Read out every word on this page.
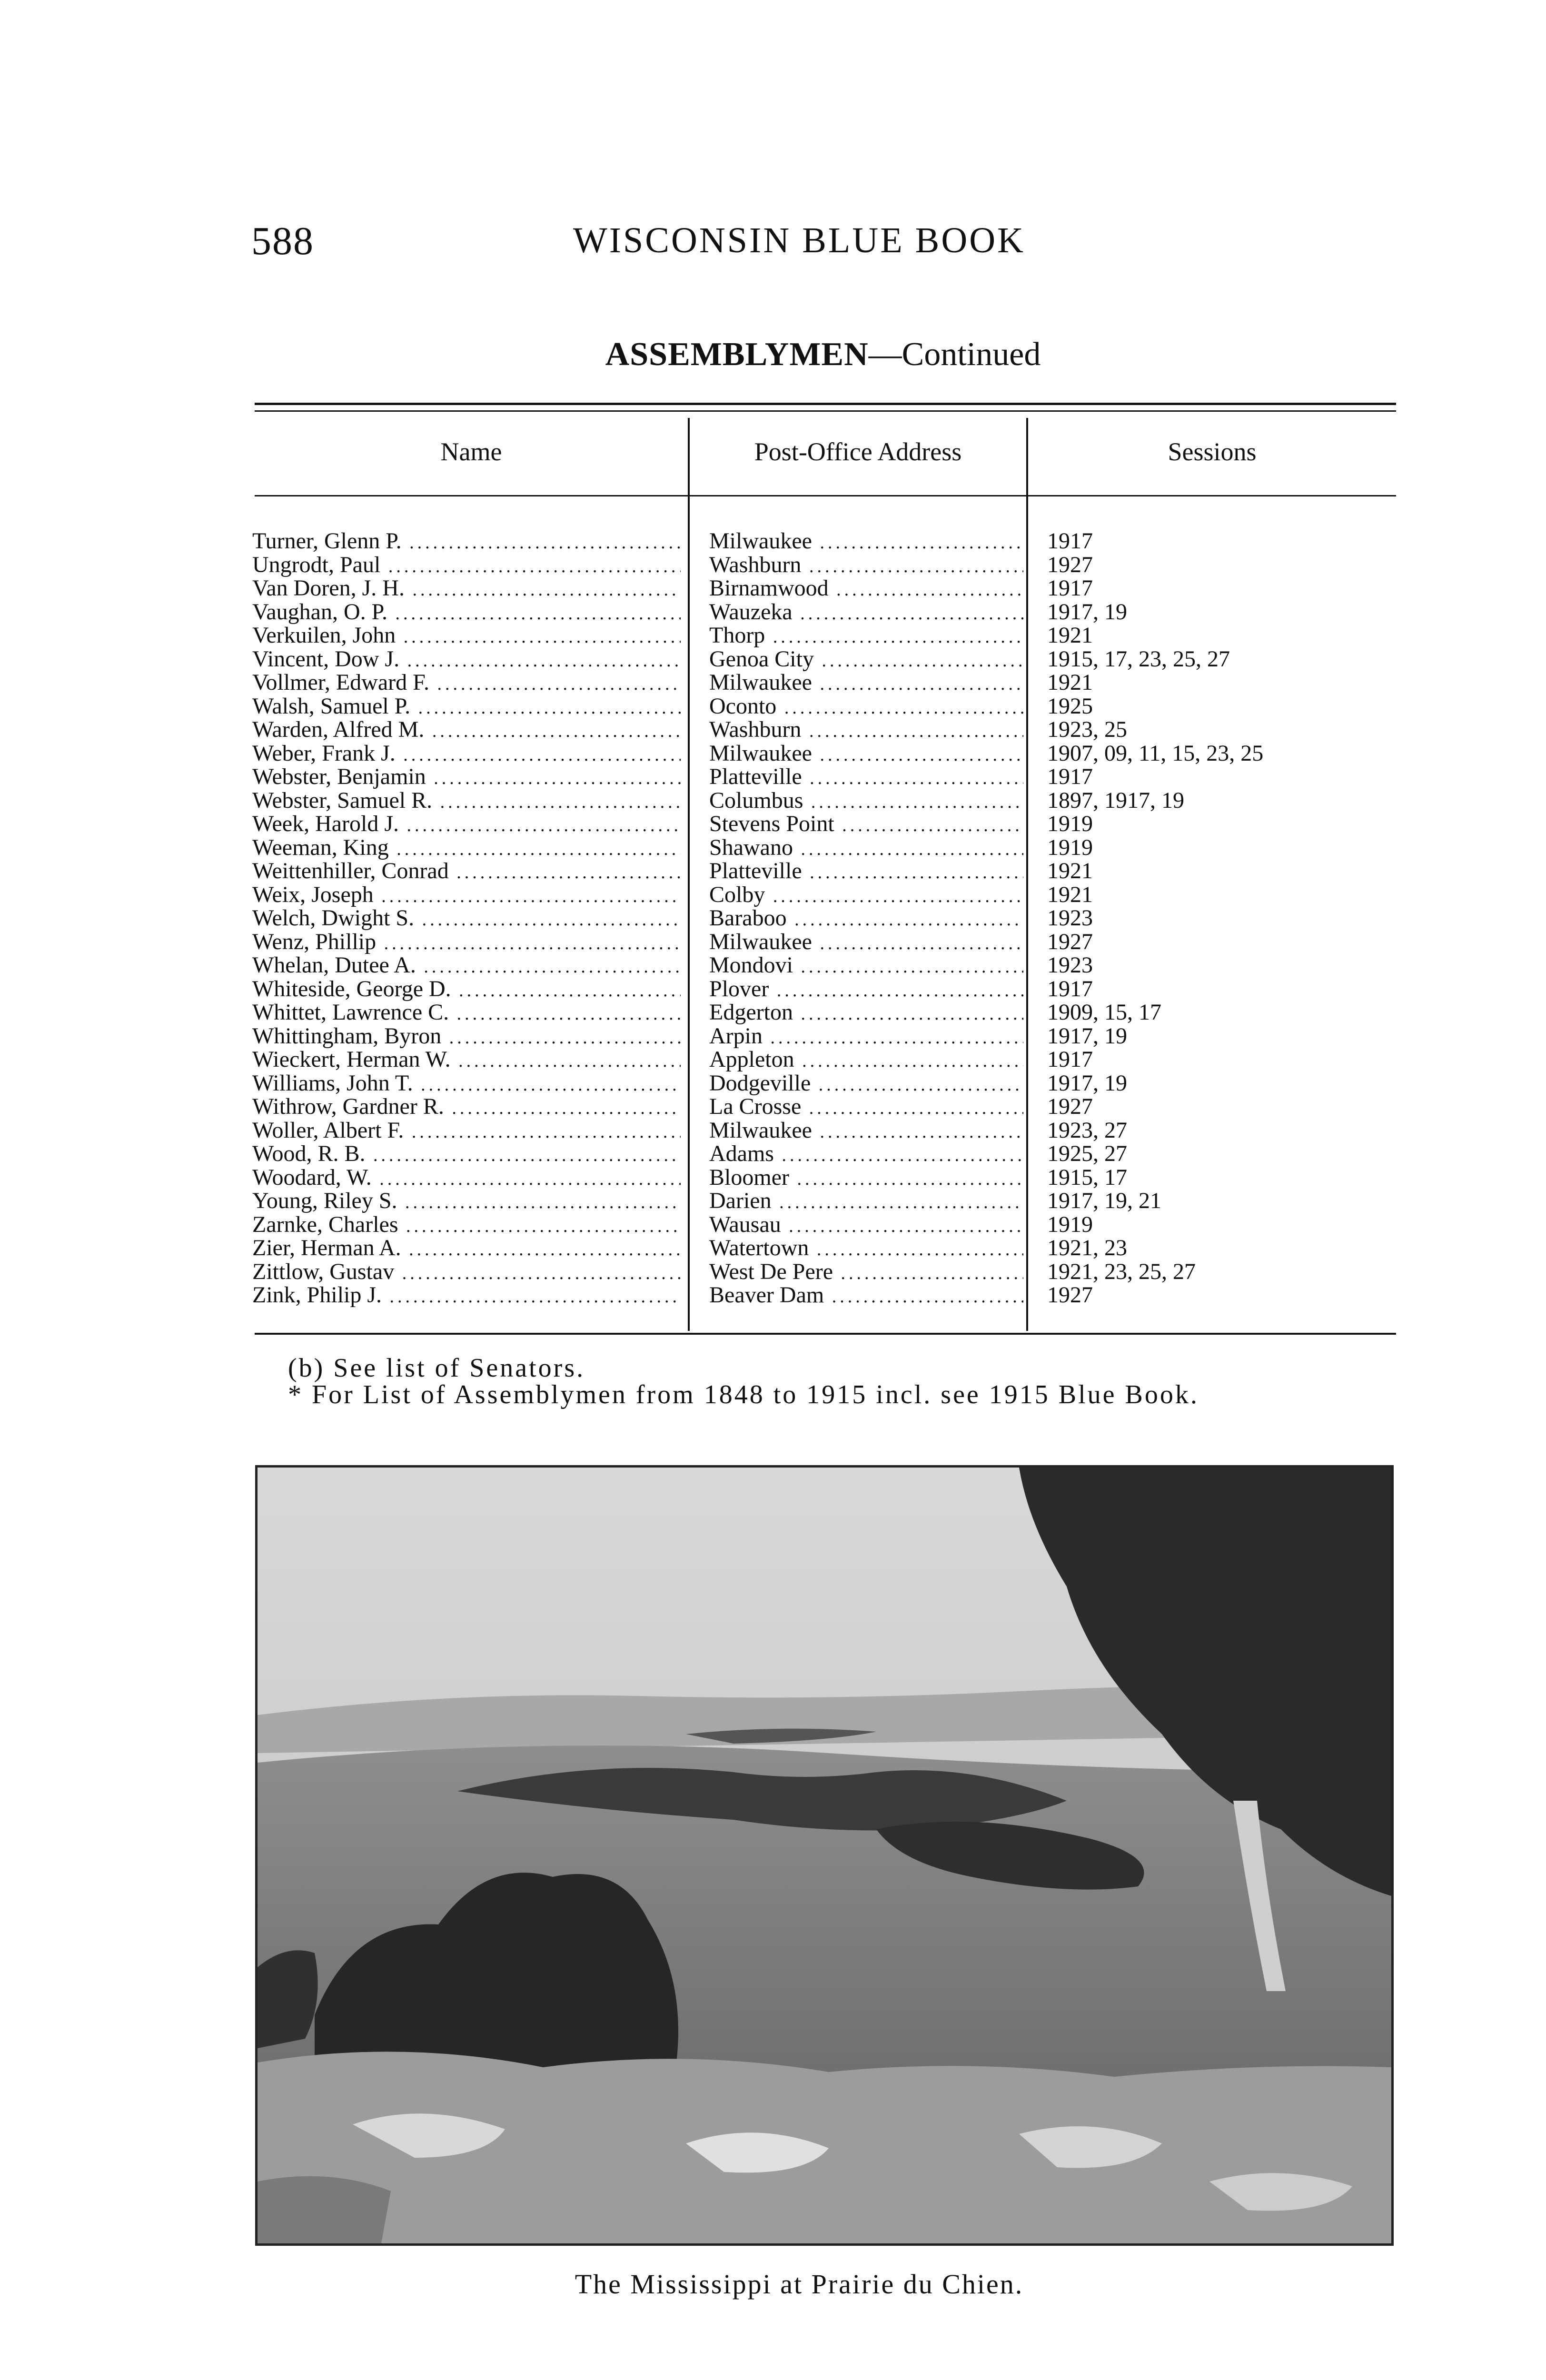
588	WISCONSIN BLUE BOOK
ASSEMBLYMEN—Continued
Name	Post-Office Address	Sessions
Turner, Glenn P. .....	Milwaukee .....	1917
Ungrodt, Paul .....	Washburn .....	1927
Van Doren, J. H. .....	Birnamwood .....	1917
Vaughan, O. P. .....	Wauzeka .....	1917, 19
Verkuilen, John .....	Thorp .....	1921
Vincent, Dow J. .....	Genoa City .....	1915, 17, 23, 25, 27
Vollmer, Edward F. .....	Milwaukee .....	1921
Walsh, Samuel P. .....	Oconto .....	1925
Warden, Alfred M. .....	Washburn .....	1923, 25
Weber, Frank J. .....	Milwaukee .....	1907, 09, 11, 15, 23, 25
Webster, Benjamin .....	Platteville .....	1917
Webster, Samuel R. .....	Columbus .....	1897, 1917, 19
Week, Harold J. .....	Stevens Point .....	1919
Weeman, King .....	Shawano .....	1919
Weittenhiller, Conrad .....	Platteville .....	1921
Weix, Joseph .....	Colby .....	1921
Welch, Dwight S. .....	Baraboo .....	1923
Wenz, Phillip .....	Milwaukee .....	1927
Whelan, Dutee A. .....	Mondovi .....	1923
Whiteside, George D. .....	Plover .....	1917
Whittet, Lawrence C. .....	Edgerton .....	1909, 15, 17
Whittingham, Byron .....	Arpin .....	1917, 19
Wieckert, Herman W. .....	Appleton .....	1917
Williams, John T. .....	Dodgeville .....	1917, 19
Withrow, Gardner R. .....	La Crosse .....	1927
Woller, Albert F. .....	Milwaukee .....	1923, 27
Wood, R. B. .....	Adams .....	1925, 27
Woodard, W. .....	Bloomer .....	1915, 17
Young, Riley S. .....	Darien .....	1917, 19, 21
Zarnke, Charles .....	Wausau .....	1919
Zier, Herman A. .....	Watertown .....	1921, 23
Zittlow, Gustav .....	West De Pere .....	1921, 23, 25, 27
Zink, Philip J. .....	Beaver Dam .....	1927
(b) See list of Senators.
* For List of Assemblymen from 1848 to 1915 incl. see 1915 Blue Book.
The Mississippi at Prairie du Chien.
